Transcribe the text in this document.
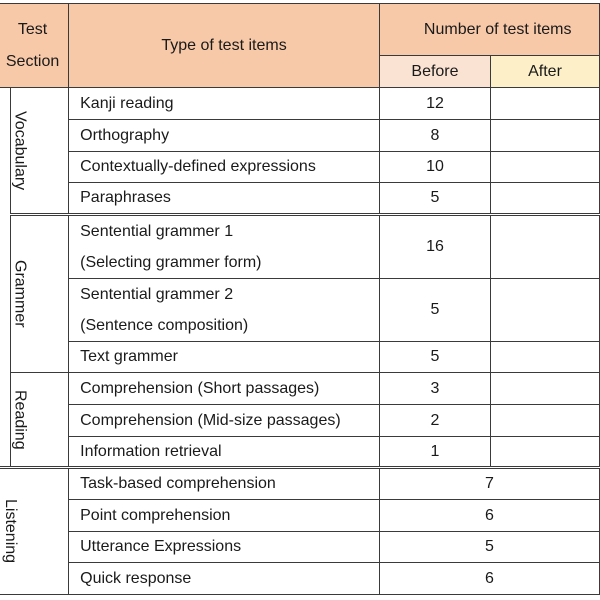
Test
Section		Type of test items	Number of test items	
			Before	After

	Vocabulary	Kanji reading	12	
		Orthography	8	
		Contextually-defined expressions	10	
		Paraphrases	5	

	Grammer	Sentential grammer 1
(Selecting grammer form)	16	
		Sentential grammer 2
(Sentence composition)	5	
		Text grammer	5	

	Reading	Comprehension (Short passages)	3	
		Comprehension (Mid-size passages)	2	
		Information retrieval	1	

Listening		Task-based comprehension	7	
		Point comprehension	6	
		Utterance Expressions	5	
		Quick response	6	
